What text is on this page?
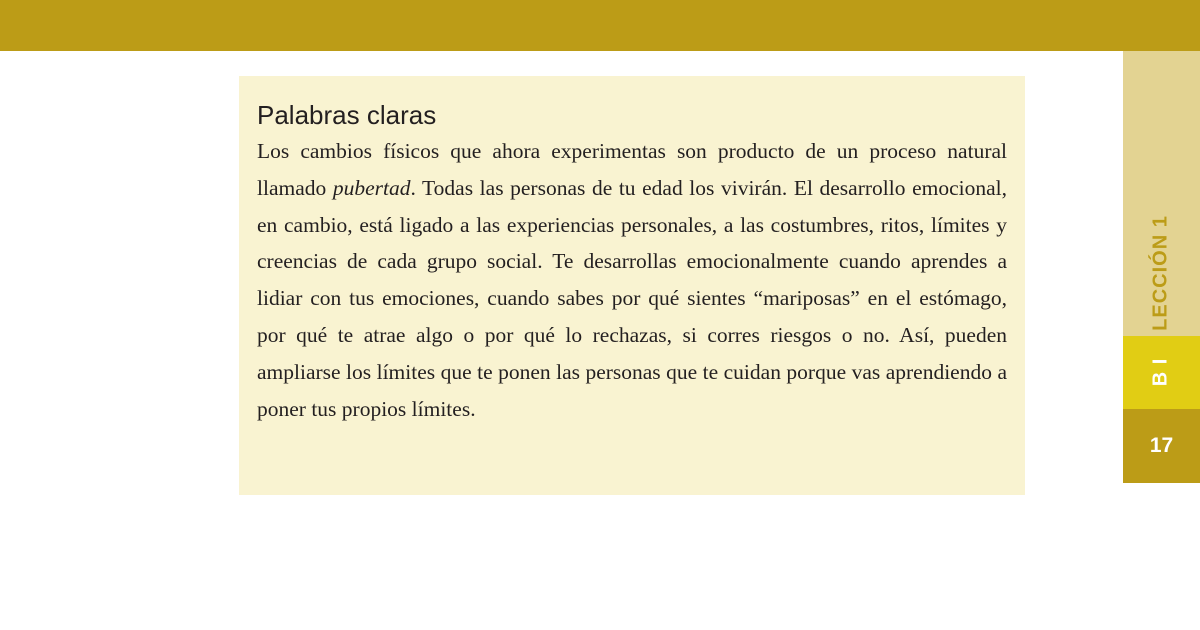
LECCIÓN 1
B I
17
Palabras claras

Los cambios físicos que ahora experimentas son producto de un proceso natural llamado pubertad. Todas las personas de tu edad los vivirán. El desarrollo emocional, en cambio, está ligado a las experiencias personales, a las costumbres, ritos, límites y creencias de cada grupo social. Te desarrollas emocionalmente cuando aprendes a lidiar con tus emociones, cuando sabes por qué sientes “mariposas” en el estómago, por qué te atrae algo o por qué lo rechazas, si corres riesgos o no. Así, pueden ampliarse los límites que te ponen las personas que te cuidan porque vas aprendiendo a poner tus propios límites.
